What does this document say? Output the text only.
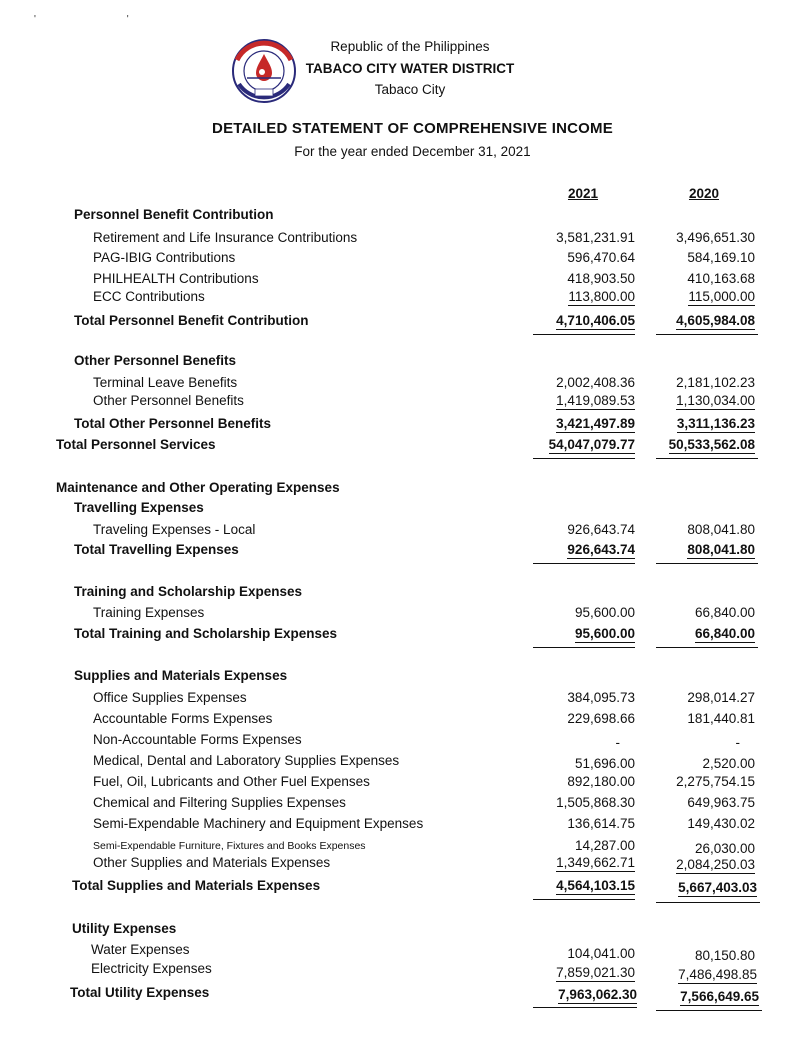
' '
Republic of the Philippines
TABACO CITY WATER DISTRICT
Tabaco City
DETAILED STATEMENT OF COMPREHENSIVE INCOME
For the year ended December 31, 2021
2021	2020
Personnel Benefit Contribution
Retirement and Life Insurance Contributions	3,581,231.91	3,496,651.30
PAG-IBIG Contributions	596,470.64	584,169.10
PHILHEALTH Contributions	418,903.50	410,163.68
ECC Contributions	113,800.00	115,000.00
Total Personnel Benefit Contribution	4,710,406.05	4,605,984.08
Other Personnel Benefits
Terminal Leave Benefits	2,002,408.36	2,181,102.23
Other Personnel Benefits	1,419,089.53	1,130,034.00
Total Other Personnel Benefits	3,421,497.89	3,311,136.23
Total Personnel Services	54,047,079.77 50,533,562.08
Maintenance and Other Operating Expenses
Travelling Expenses
Traveling Expenses - Local	926,643.74	808,041.80
Total Travelling Expenses	926,643.74	808,041.80
Training and Scholarship Expenses
Training Expenses	95,600.00	66,840.00
Total Training and Scholarship Expenses	95,600.00	66,840.00
Supplies and Materials Expenses
Office Supplies Expenses	384,095.73	298,014.27
Accountable Forms Expenses	229,698.66	181,440.81
Non-Accountable Forms Expenses	-	-
Medical, Dental and Laboratory Supplies Expenses	51,696.00	2,520.00
Fuel, Oil, Lubricants and Other Fuel Expenses	892,180.00	2,275,754.15
Chemical and Filtering Supplies Expenses	1,505,868.30	649,963.75
Semi-Expendable Machinery and Equipment Expenses	136,614.75	149,430.02
Semi-Expendable Furniture, Fixtures and Books Expenses	14,287.00	26,030.00
Other Supplies and Materials Expenses	1,349,662.71	2,084,250.03
Total Supplies and Materials Expenses	4,564,103.15	5,667,403.03
Utility Expenses
Water Expenses	104,041.00	80,150.80
Electricity Expenses	7,859,021.30	7,486,498.85
Total Utility Expenses	7,963,062.30	7,566,649.65
